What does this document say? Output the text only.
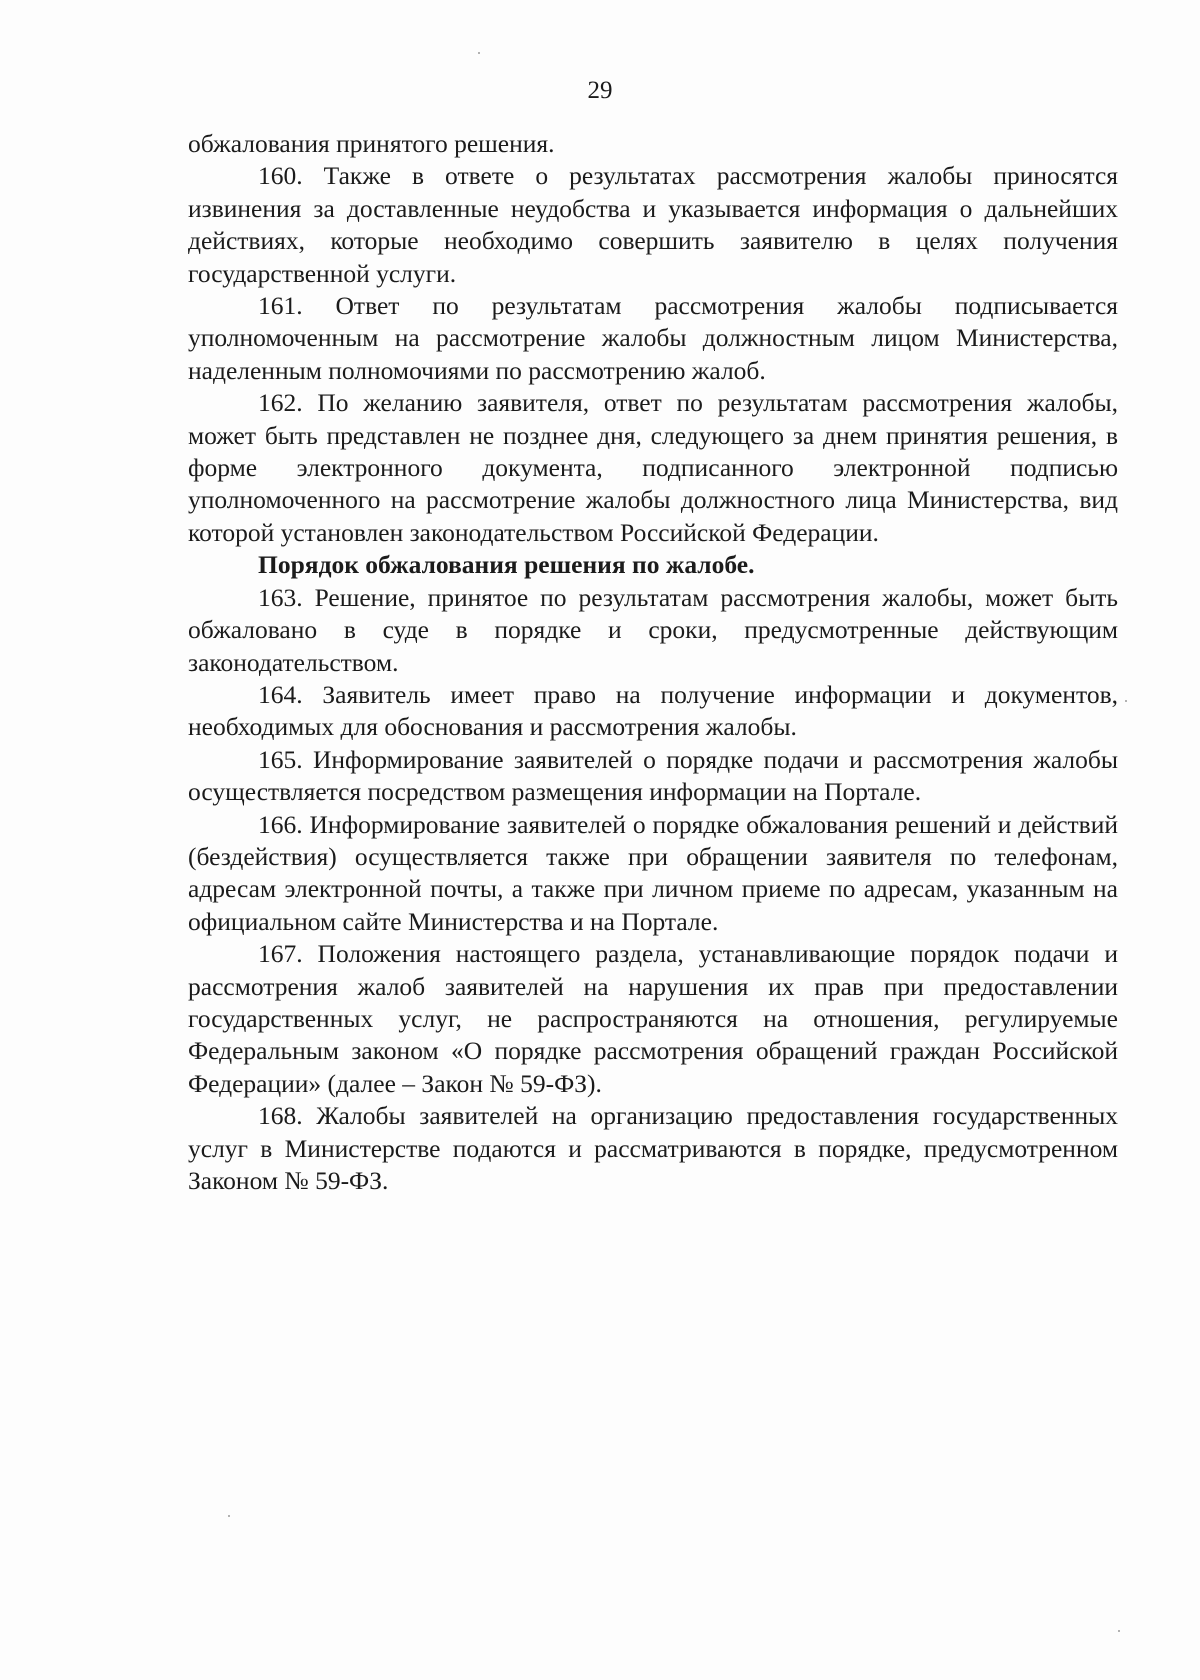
29

обжалования принятого решения.

160. Также в ответе о результатах рассмотрения жалобы приносятся извинения за доставленные неудобства и указывается информация о дальнейших действиях, которые необходимо совершить заявителю в целях получения государственной услуги.

161. Ответ по результатам рассмотрения жалобы подписывается уполномоченным на рассмотрение жалобы должностным лицом Министерства, наделенным полномочиями по рассмотрению жалоб.

162. По желанию заявителя, ответ по результатам рассмотрения жалобы, может быть представлен не позднее дня, следующего за днем принятия решения, в форме электронного документа, подписанного электронной подписью уполномоченного на рассмотрение жалобы должностного лица Министерства, вид которой установлен законодательством Российской Федерации.

Порядок обжалования решения по жалобе.

163. Решение, принятое по результатам рассмотрения жалобы, может быть обжаловано в суде в порядке и сроки, предусмотренные действующим законодательством.

164. Заявитель имеет право на получение информации и документов, необходимых для обоснования и рассмотрения жалобы.

165. Информирование заявителей о порядке подачи и рассмотрения жалобы осуществляется посредством размещения информации на Портале.

166. Информирование заявителей о порядке обжалования решений и действий (бездействия) осуществляется также при обращении заявителя по телефонам, адресам электронной почты, а также при личном приеме по адресам, указанным на официальном сайте Министерства и на Портале.

167. Положения настоящего раздела, устанавливающие порядок подачи и рассмотрения жалоб заявителей на нарушения их прав при предоставлении государственных услуг, не распространяются на отношения, регулируемые Федеральным законом «О порядке рассмотрения обращений граждан Российской Федерации» (далее – Закон № 59-ФЗ).

168. Жалобы заявителей на организацию предоставления государственных услуг в Министерстве подаются и рассматриваются в порядке, предусмотренном Законом № 59-ФЗ.
